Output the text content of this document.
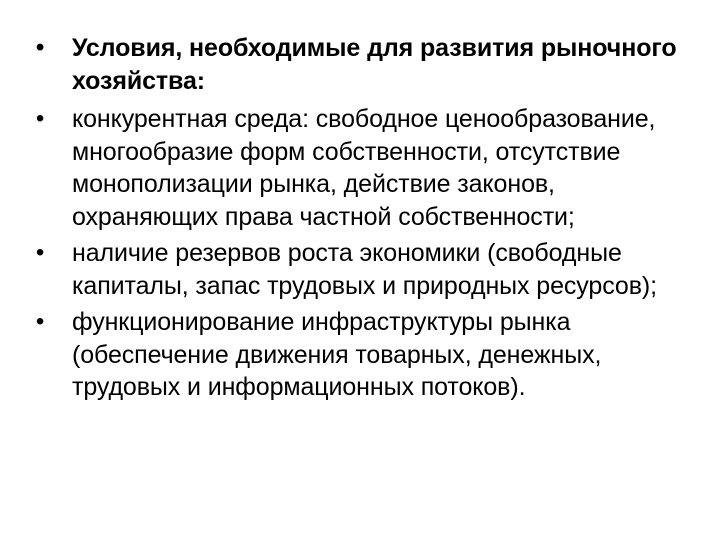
• Условия, необходимые для развития рыночного хозяйства:
• конкурентная среда: свободное ценообразование, многообразие форм собственности, отсутствие монополизации рынка, действие законов, охраняющих права частной собственности;
• наличие резервов роста экономики (свободные капиталы, запас трудовых и природных ресурсов);
• функционирование инфраструктуры рынка (обеспечение движения товарных, денежных, трудовых и информационных потоков).
